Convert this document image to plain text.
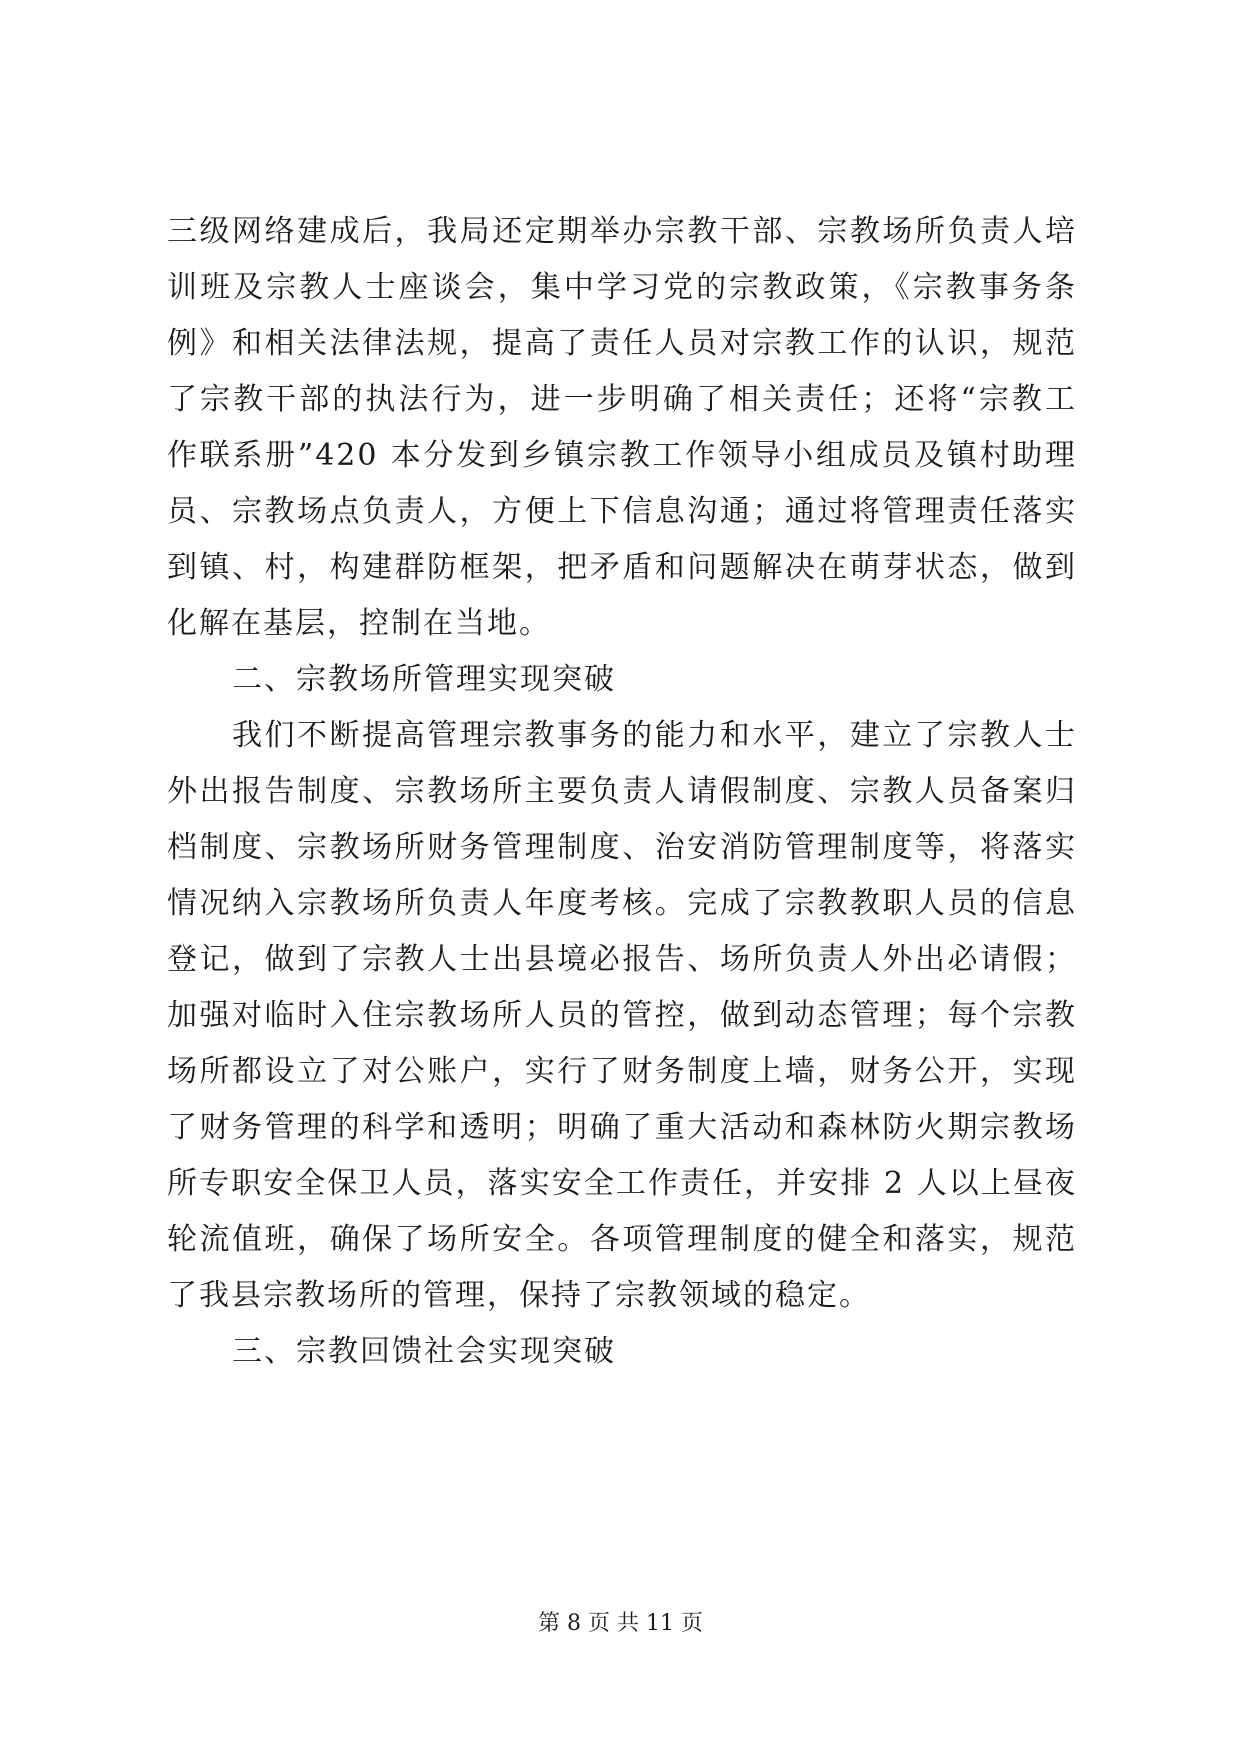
三级网络建成后，我局还定期举办宗教干部、宗教场所负责人培
训班及宗教人士座谈会，集中学习党的宗教政策，《宗教事务条
例》和相关法律法规，提高了责任人员对宗教工作的认识，规范
了宗教干部的执法行为，进一步明确了相关责任；还将“宗教工
作联系册”420 本分发到乡镇宗教工作领导小组成员及镇村助理
员、宗教场点负责人，方便上下信息沟通；通过将管理责任落实
到镇、村，构建群防框架，把矛盾和问题解决在萌芽状态，做到
化解在基层，控制在当地。
二、宗教场所管理实现突破
我们不断提高管理宗教事务的能力和水平，建立了宗教人士
外出报告制度、宗教场所主要负责人请假制度、宗教人员备案归
档制度、宗教场所财务管理制度、治安消防管理制度等，将落实
情况纳入宗教场所负责人年度考核。完成了宗教教职人员的信息
登记，做到了宗教人士出县境必报告、场所负责人外出必请假；
加强对临时入住宗教场所人员的管控，做到动态管理；每个宗教
场所都设立了对公账户，实行了财务制度上墙，财务公开，实现
了财务管理的科学和透明；明确了重大活动和森林防火期宗教场
所专职安全保卫人员，落实安全工作责任，并安排 2 人以上昼夜
轮流值班，确保了场所安全。各项管理制度的健全和落实，规范
了我县宗教场所的管理，保持了宗教领域的稳定。
三、宗教回馈社会实现突破
第 8 页 共 11 页
